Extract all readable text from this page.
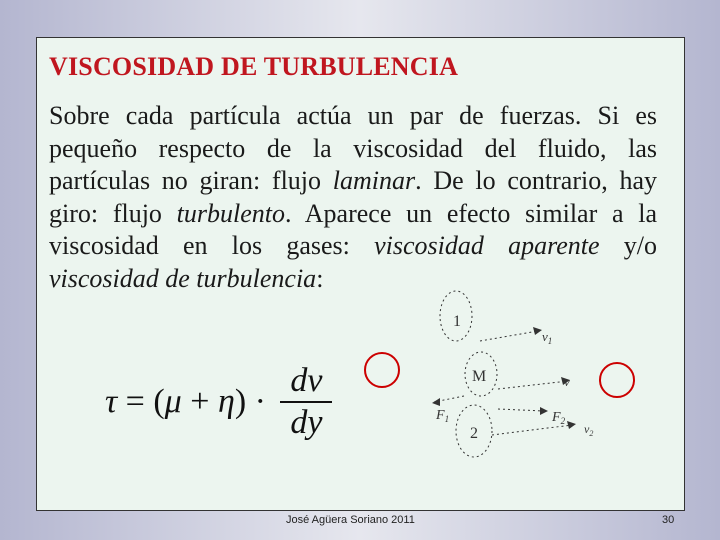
VISCOSIDAD DE TURBULENCIA

Sobre cada partícula actúa un par de fuerzas. Si es pequeño respecto de la viscosidad del fluido, las partículas no giran: flujo laminar. De lo contrario, hay giro: flujo turbulento. Aparece un efecto similar a la viscosidad en los gases: viscosidad aparente y/o viscosidad de turbulencia:

τ = ( μ + η ) · $\frac{dv}{dy}$
1
M
2
$v_1$
v
$F_1$	$F_2$
$v_2$
José Agüera Soriano 2011	30
